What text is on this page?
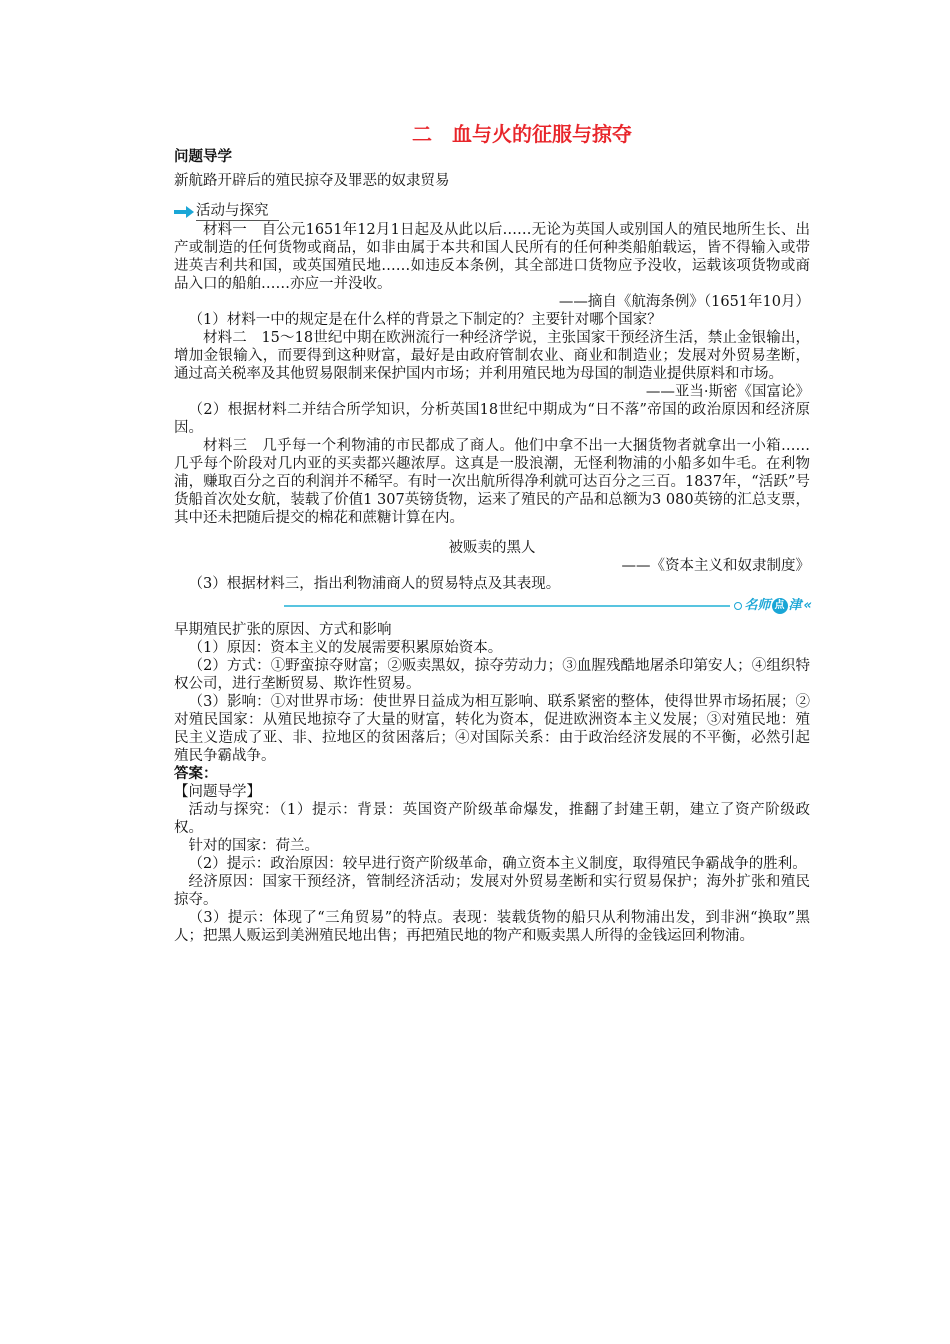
二　血与火的征服与掠夺

问题导学

新航路开辟后的殖民掠夺及罪恶的奴隶贸易

活动与探究

材料一　自公元1651年12月1日起及从此以后……无论为英国人或别国人的殖民地所生长、出产或制造的任何货物或商品，如非由属于本共和国人民所有的任何种类船舶载运，皆不得输入或带进英吉利共和国，或英国殖民地……如违反本条例，其全部进口货物应予没收，运载该项货物或商品入口的船舶……亦应一并没收。

——摘自《航海条例》（1651年10月）

（1）材料一中的规定是在什么样的背景之下制定的？主要针对哪个国家？

材料二　15～18世纪中期在欧洲流行一种经济学说，主张国家干预经济生活，禁止金银输出，增加金银输入，而要得到这种财富，最好是由政府管制农业、商业和制造业；发展对外贸易垄断，通过高关税率及其他贸易限制来保护国内市场；并利用殖民地为母国的制造业提供原料和市场。

——亚当·斯密《国富论》

（2）根据材料二并结合所学知识，分析英国18世纪中期成为“日不落”帝国的政治原因和经济原因。

材料三　几乎每一个利物浦的市民都成了商人。他们中拿不出一大捆货物者就拿出一小箱……几乎每个阶段对几内亚的买卖都兴趣浓厚。这真是一股浪潮，无怪利物浦的小船多如牛毛。在利物浦，赚取百分之百的利润并不稀罕。有时一次出航所得净利就可达百分之三百。1837年，“活跃”号货船首次处女航，装载了价值1 307英镑货物，运来了殖民的产品和总额为3 080英镑的汇总支票，其中还未把随后提交的棉花和蔗糖计算在内。

被贩卖的黑人

——《资本主义和奴隶制度》

（3）根据材料三，指出利物浦商人的贸易特点及其表现。

名师 点 津 «

早期殖民扩张的原因、方式和影响

（1）原因：资本主义的发展需要积累原始资本。

（2）方式：①野蛮掠夺财富；②贩卖黑奴，掠夺劳动力；③血腥残酷地屠杀印第安人；④组织特权公司，进行垄断贸易、欺诈性贸易。

（3）影响：①对世界市场：使世界日益成为相互影响、联系紧密的整体，使得世界市场拓展；②对殖民国家：从殖民地掠夺了大量的财富，转化为资本，促进欧洲资本主义发展；③对殖民地：殖民主义造成了亚、非、拉地区的贫困落后；④对国际关系：由于政治经济发展的不平衡，必然引起殖民争霸战争。

答案：

【问题导学】

活动与探究：（1）提示：背景：英国资产阶级革命爆发，推翻了封建王朝，建立了资产阶级政权。

针对的国家：荷兰。

（2）提示：政治原因：较早进行资产阶级革命，确立资本主义制度，取得殖民争霸战争的胜利。

经济原因：国家干预经济，管制经济活动；发展对外贸易垄断和实行贸易保护；海外扩张和殖民掠夺。

（3）提示：体现了“三角贸易”的特点。表现：装载货物的船只从利物浦出发，到非洲“换取”黑人；把黑人贩运到美洲殖民地出售；再把殖民地的物产和贩卖黑人所得的金钱运回利物浦。
